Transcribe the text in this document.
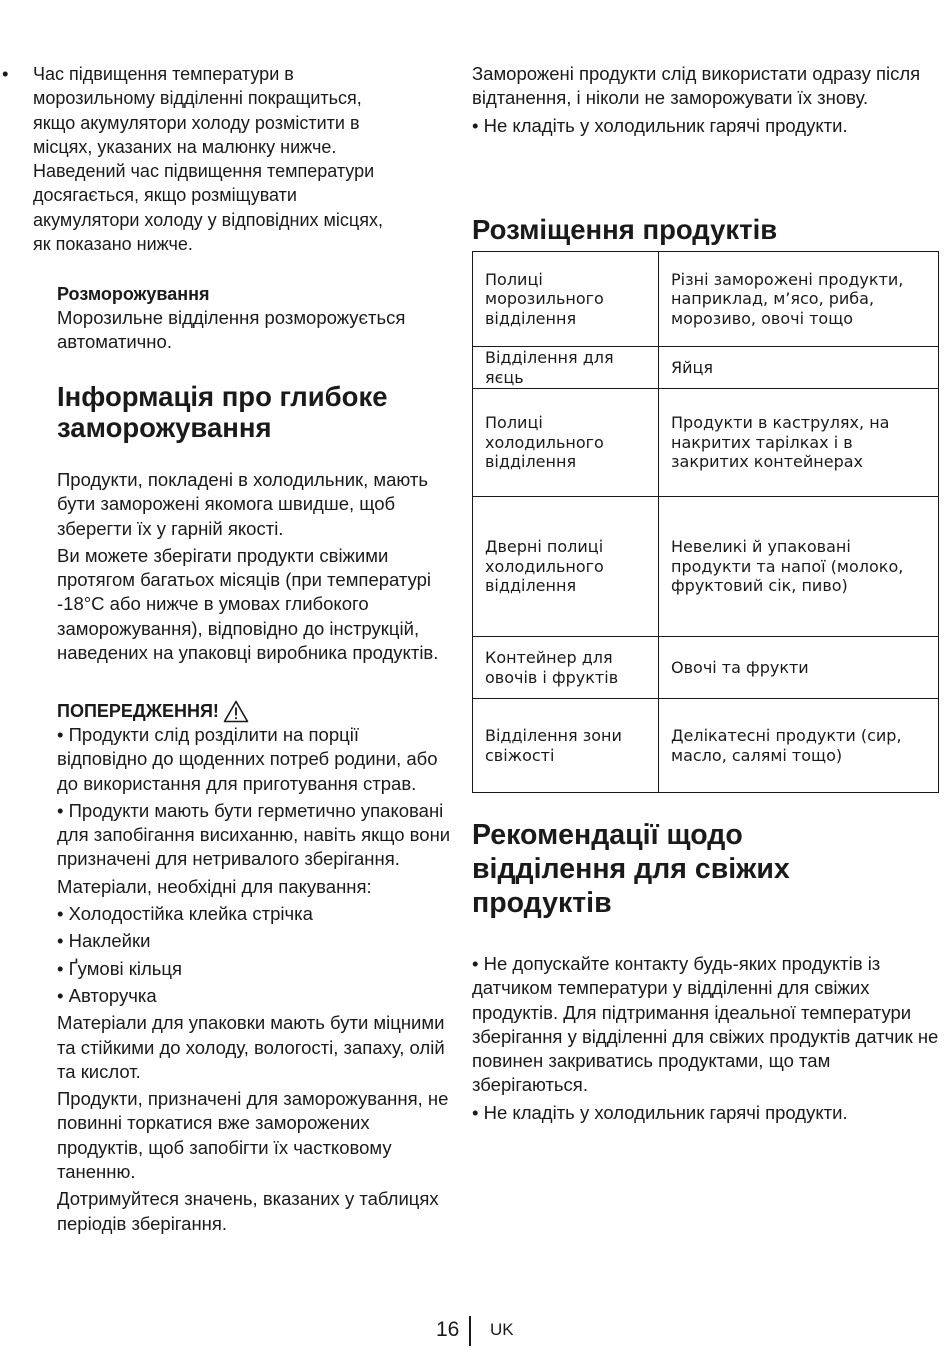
• Час підвищення температури в морозильному відділенні покращиться, якщо акумулятори холоду розмістити в місцях, указаних на малюнку нижче. Наведений час підвищення температури досягається, якщо розміщувати акумулятори холоду у відповідних місцях, як показано нижче.

Розморожування

Морозильне відділення розморожується автоматично.

Інформація про глибоке заморожування

Продукти, покладені в холодильник, мають бути заморожені якомога швидше, щоб зберегти їх у гарній якості.

Ви можете зберігати продукти свіжими протягом багатьох місяців (при температурі -18°C або нижче в умовах глибокого заморожування), відповідно до інструкцій, наведених на упаковці виробника продуктів.

ПОПЕРЕДЖЕННЯ!

• Продукти слід розділити на порції відповідно до щоденних потреб родини, або до використання для приготування страв.

• Продукти мають бути герметично упаковані для запобігання висиханню, навіть якщо вони призначені для нетривалого зберігання.

Матеріали, необхідні для пакування:

• Холодостійка клейка стрічка

• Наклейки

• Ґумові кільця

• Авторучка

Матеріали для упаковки мають бути міцними та стійкими до холоду, вологості, запаху, олій та кислот.

Продукти, призначені для заморожування, не повинні торкатися вже заморожених продуктів, щоб запобігти їх частковому таненню.

Дотримуйтеся значень, вказаних у таблицях періодів зберігання.

Заморожені продукти слід використати одразу після відтанення, і ніколи не заморожувати їх знову.

• Не кладіть у холодильник гарячі продукти.

Розміщення продуктів
Полиці морозильного відділення	Різні заморожені продукти, наприклад, м’ясо, риба, морозиво, овочі тощо
Відділення для яєць	Яйця
Полиці холодильного відділення	Продукти в каструлях, на накритих тарілках і в закритих контейнерах
Дверні полиці холодильного відділення	Невеликі й упаковані продукти та напої (молоко, фруктовий сік, пиво)
Контейнер для овочів і фруктів	Овочі та фрукти
Відділення зони свіжості	Делікатесні продукти (сир, масло, салямі тощо)
Рекомендації щодо відділення для свіжих продуктів

• Не допускайте контакту будь-яких продуктів із датчиком температури у відділенні для свіжих продуктів. Для підтримання ідеальної температури зберігання у відділенні для свіжих продуктів датчик не повинен закриватись продуктами, що там зберігаються.

• Не кладіть у холодильник гарячі продукти.

16 UK
